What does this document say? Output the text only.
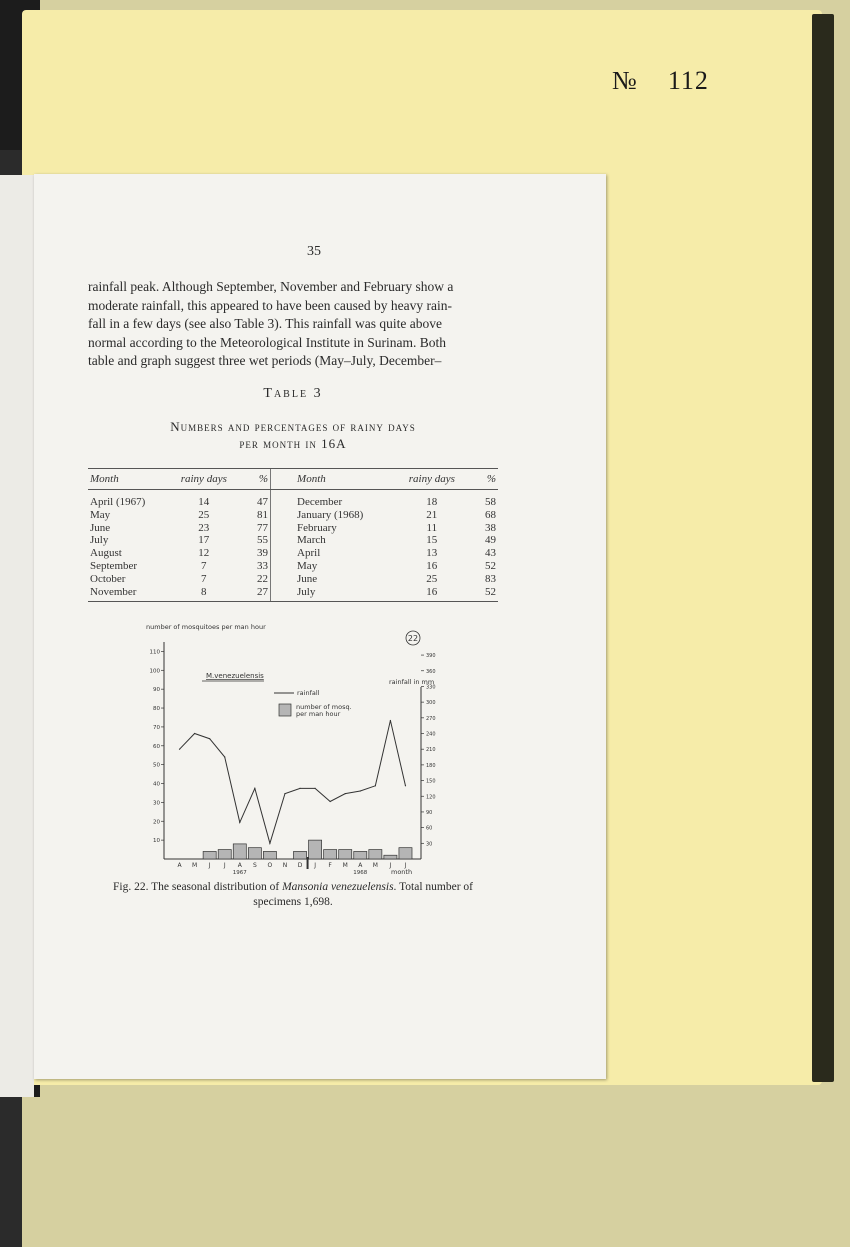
№ 112
35
rainfall peak. Although September, November and February show a
moderate rainfall, this appeared to have been caused by heavy rain-
fall in a few days (see also Table 3). This rainfall was quite above
normal according to the Meteorological Institute in Surinam. Both
table and graph suggest three wet periods (May–July, December–
Table 3
Numbers and percentages of rainy days
per month in 16A
Month	rainy days	%	Month	rainy days	%
April (1967)	14	47	December	18	58
May	25	81	January (1968)	21	68
June	23	77	February	11	38
July	17	55	March	15	49
August	12	39	April	13	43
September	7	33	May	16	52
October	7	22	June	25	83
November	8	27	July	16	52
number of mosquitoes per man hour
rainfall in mm
month
M.venezuelensis
rainfall
number of mosq.
per man hour
22
10
20
30
40
50
60
70
80
90
100
110
30
60
90
120
150
180
210
240
270
300
330
360
390
A M J J A S O N D J F M A M J J
1967	1968
Fig. 22. The seasonal distribution of Mansonia venezuelensis. Total number of specimens 1,698.
